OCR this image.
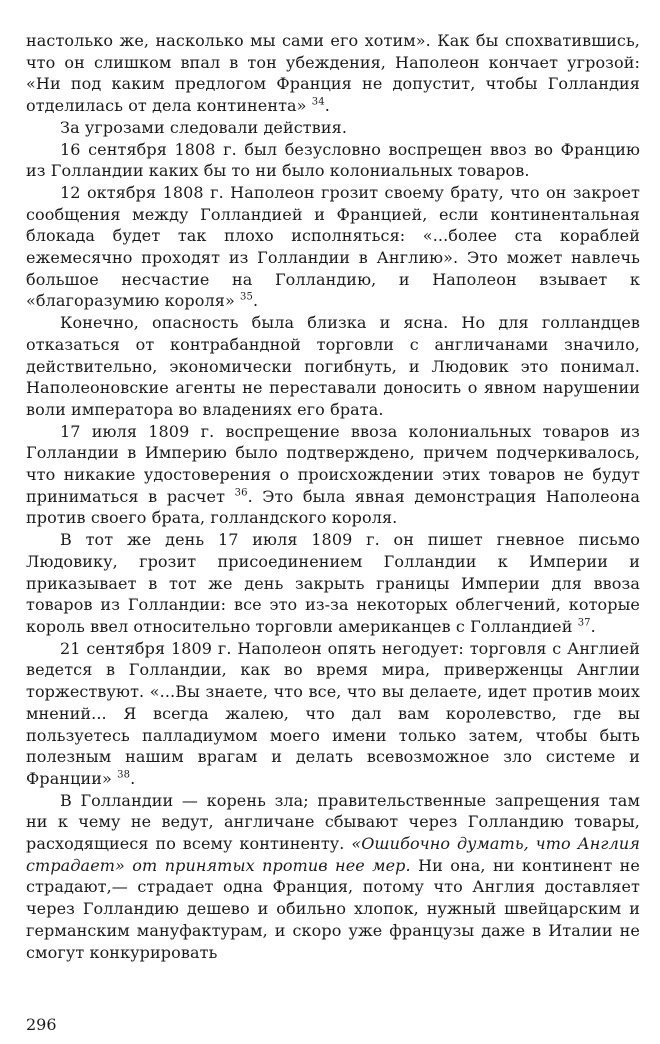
настолько же, насколько мы сами его хотим». Как бы спохватившись, что он слишком впал в тон убеждения, Наполеон кончает угрозой: «Ни под каким предлогом Франция не допустит, чтобы Голландия отделилась от дела континента» $^{34}$.

За угрозами следовали действия.

16 сентября 1808 г. был безусловно воспрещен ввоз во Францию из Голландии каких бы то ни было колониальных товаров.

12 октября 1808 г. Наполеон грозит своему брату, что он закроет сообщения между Голландией и Францией, если континентальная блокада будет так плохо исполняться: «...более ста кораблей ежемесячно проходят из Голландии в Англию». Это может навлечь большое несчастие на Голландию, и Наполеон взывает к «благоразумию короля» $^{35}$.

Конечно, опасность была близка и ясна. Но для голландцев отказаться от контрабандной торговли с англичанами значило, действительно, экономически погибнуть, и Людовик это понимал. Наполеоновские агенты не переставали доносить о явном нарушении воли императора во владениях его брата.

17 июля 1809 г. воспрещение ввоза колониальных товаров из Голландии в Империю было подтверждено, причем подчеркивалось, что никакие удостоверения о происхождении этих товаров не будут приниматься в расчет $^{36}$. Это была явная демонстрация Наполеона против своего брата, голландского короля.

В тот же день 17 июля 1809 г. он пишет гневное письмо Людовику, грозит присоединением Голландии к Империи и приказывает в тот же день закрыть границы Империи для ввоза товаров из Голландии: все это из-за некоторых облегчений, которые король ввел относительно торговли американцев с Голландией $^{37}$.

21 сентября 1809 г. Наполеон опять негодует: торговля с Англией ведется в Голландии, как во время мира, приверженцы Англии торжествуют. «...Вы знаете, что все, что вы делаете, идет против моих мнений... Я всегда жалею, что дал вам королевство, где вы пользуетесь палладиумом моего имени только затем, чтобы быть полезным нашим врагам и делать всевозможное зло системе и Франции» $^{38}$.

В Голландии — корень зла; правительственные запрещения там ни к чему не ведут, англичане сбывают через Голландию товары, расходящиеся по всему континенту. «Ошибочно думать, что Англия страдает» от принятых против нее мер. Ни она, ни континент не страдают,— страдает одна Франция, потому что Англия доставляет через Голландию дешево и обильно хлопок, нужный швейцарским и германским мануфактурам, и скоро уже французы даже в Италии не смогут конкурировать

296
